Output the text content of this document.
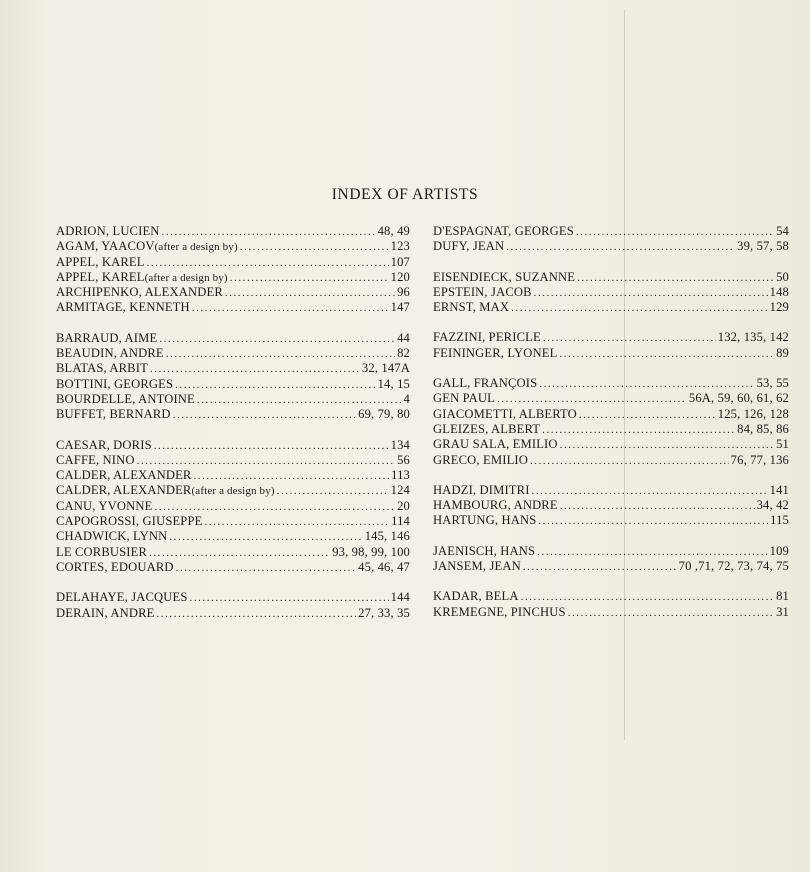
INDEX OF ARTISTS
ADRION, LUCIEN . . .	48, 49
AGAM, YAACOV (after a design by) . . .	123
APPEL, KAREL . . .	107
APPEL, KAREL (after a design by) . . .	120
ARCHIPENKO, ALEXANDER . . .	96
ARMITAGE, KENNETH . . .	147
BARRAUD, AIME . . .	44
BEAUDIN, ANDRE . . .	82
BLATAS, ARBIT . . .	32, 147A
BOTTINI, GEORGES . . .	14, 15
BOURDELLE, ANTOINE . . .	4
BUFFET, BERNARD . . .	69, 79, 80
CAESAR, DORIS . . .	134
CAFFE, NINO . . .	56
CALDER, ALEXANDER . . .	113
CALDER, ALEXANDER (after a design by) . . .	124
CANU, YVONNE . . .	20
CAPOGROSSI, GIUSEPPE . . .	114
CHADWICK, LYNN . . .	145, 146
LE CORBUSIER . . .	93, 98, 99, 100
CORTES, EDOUARD . . .	45, 46, 47
DELAHAYE, JACQUES . . .	144
DERAIN, ANDRE . . .	27, 33, 35
D'ESPAGNAT, GEORGES . . .	54
DUFY, JEAN . . .	39, 57, 58
EISENDIECK, SUZANNE . . .	50
EPSTEIN, JACOB . . .	148
ERNST, MAX . . .	129
FAZZINI, PERICLE . . .	132, 135, 142
FEININGER, LYONEL . . .	89
GALL, FRANÇOIS . . .	53, 55
GEN PAUL . . .	56A, 59, 60, 61, 62
GIACOMETTI, ALBERTO . . .	125, 126, 128
GLEIZES, ALBERT . . .	84, 85, 86
GRAU SALA, EMILIO . . .	51
GRECO, EMILIO . . .	76, 77, 136
HADZI, DIMITRI . . .	141
HAMBOURG, ANDRE . . .	34, 42
HARTUNG, HANS . . .	115
JAENISCH, HANS . . .	109
JANSEM, JEAN . . .	70 ,71, 72, 73, 74, 75
KADAR, BELA . . .	81
KREMEGNE, PINCHUS . . .	31
